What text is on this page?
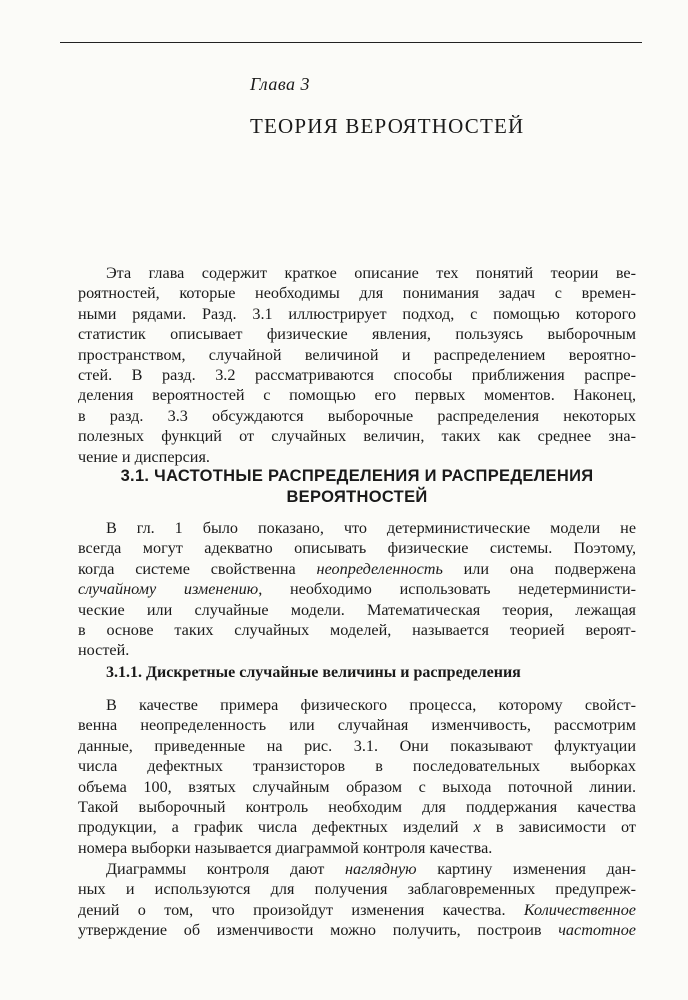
Глава 3
ТЕОРИЯ ВЕРОЯТНОСТЕЙ
Эта глава содержит краткое описание тех понятий теории ве-
роятностей, которые необходимы для понимания задач с времен-
ными рядами. Разд. 3.1 иллюстрирует подход, с помощью которого
статистик описывает физические явления, пользуясь выборочным
пространством, случайной величиной и распределением вероятно-
стей. В разд. 3.2 рассматриваются способы приближения распре-
деления вероятностей с помощью его первых моментов. Наконец,
в разд. 3.3 обсуждаются выборочные распределения некоторых
полезных функций от случайных величин, таких как среднее зна-
чение и дисперсия.
3.1. ЧАСТОТНЫЕ РАСПРЕДЕЛЕНИЯ И РАСПРЕДЕЛЕНИЯ
ВЕРОЯТНОСТЕЙ
В гл. 1 было показано, что детерминистические модели не
всегда могут адекватно описывать физические системы. Поэтому,
когда системе свойственна неопределенность или она подвержена
случайному изменению, необходимо использовать недетерминисти-
ческие или случайные модели. Математическая теория, лежащая
в основе таких случайных моделей, называется теорией вероят-
ностей.
3.1.1. Дискретные случайные величины и распределения
В качестве примера физического процесса, которому свойст-
венна неопределенность или случайная изменчивость, рассмотрим
данные, приведенные на рис. 3.1. Они показывают флуктуации
числа дефектных транзисторов в последовательных выборках
объема 100, взятых случайным образом с выхода поточной линии.
Такой выборочный контроль необходим для поддержания качества
продукции, а график числа дефектных изделий x в зависимости от
номера выборки называется диаграммой контроля качества.
Диаграммы контроля дают наглядную картину изменения дан-
ных и используются для получения заблаговременных предупреж-
дений о том, что произойдут изменения качества. Количественное
утверждение об изменчивости можно получить, построив частотное
